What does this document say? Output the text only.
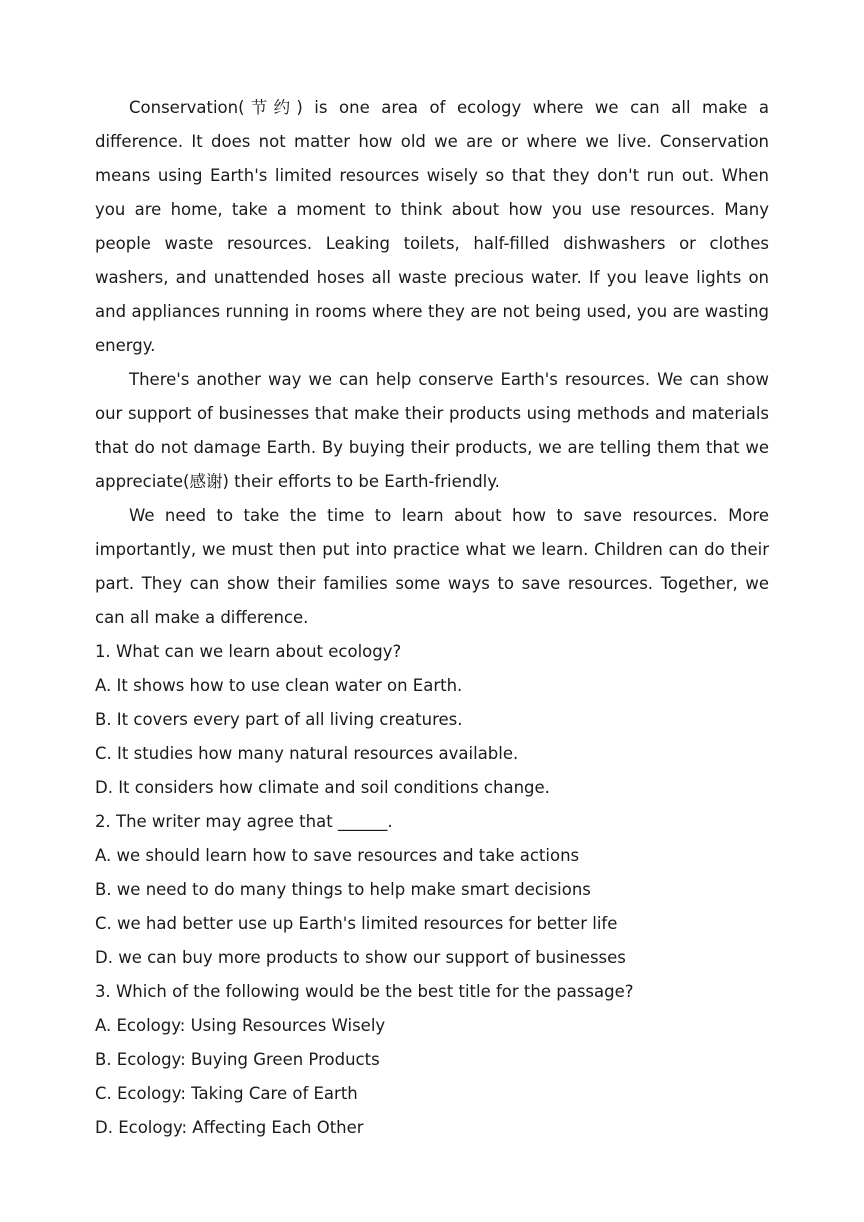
Conservation(节约) is one area of ecology where we can all make a difference. It does not matter how old we are or where we live. Conservation means using Earth's limited resources wisely so that they don't run out. When you are home, take a moment to think about how you use resources. Many people waste resources. Leaking toilets, half-filled dishwashers or clothes washers, and unattended hoses all waste precious water. If you leave lights on and appliances running in rooms where they are not being used, you are wasting energy.

There's another way we can help conserve Earth's resources. We can show our support of businesses that make their products using methods and materials that do not damage Earth. By buying their products, we are telling them that we appreciate(感谢) their efforts to be Earth-friendly.

We need to take the time to learn about how to save resources. More importantly, we must then put into practice what we learn. Children can do their part. They can show their families some ways to save resources. Together, we can all make a difference.

1. What can we learn about ecology?

A. It shows how to use clean water on Earth.

B. It covers every part of all living creatures.

C. It studies how many natural resources available.

D. It considers how climate and soil conditions change.

2. The writer may agree that ______.

A. we should learn how to save resources and take actions

B. we need to do many things to help make smart decisions

C. we had better use up Earth's limited resources for better life

D. we can buy more products to show our support of businesses

3. Which of the following would be the best title for the passage?

A. Ecology: Using Resources Wisely

B. Ecology: Buying Green Products

C. Ecology: Taking Care of Earth

D. Ecology: Affecting Each Other
